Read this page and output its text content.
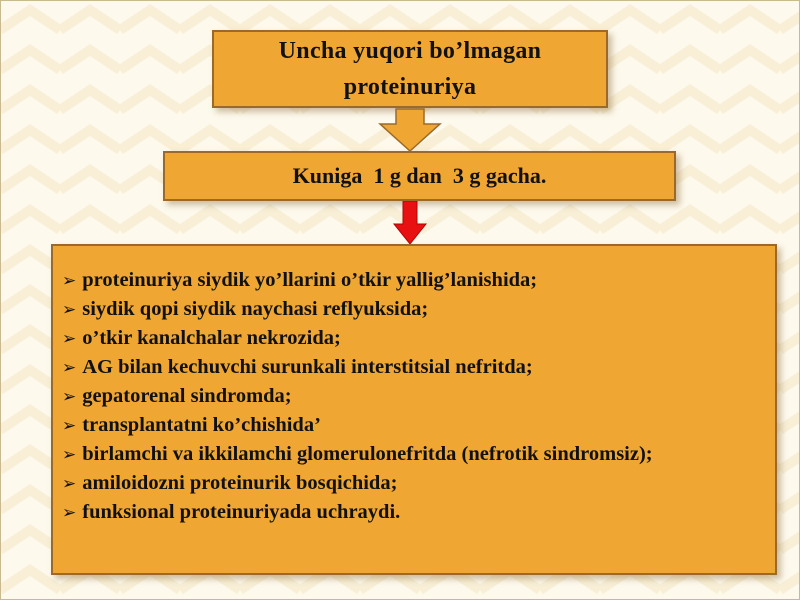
Uncha yuqori bo’lmagan
proteinuriya
Kuniga  1 g dan  3 g gacha.
➢ proteinuriya siydik yo’llarini o’tkir yallig’lanishida;
➢ siydik qopi siydik naychasi reflyuksida;
➢ o’tkir kanalchalar nekrozida;
➢ AG bilan kechuvchi surunkali interstitsial nefritda;
➢ gepatorenal sindromda;
➢ transplantatni ko’chishida’
➢ birlamchi va ikkilamchi glomerulonefritda (nefrotik sindromsiz);
➢ amiloidozni proteinurik bosqichida;
➢ funksional proteinuriyada uchraydi.
